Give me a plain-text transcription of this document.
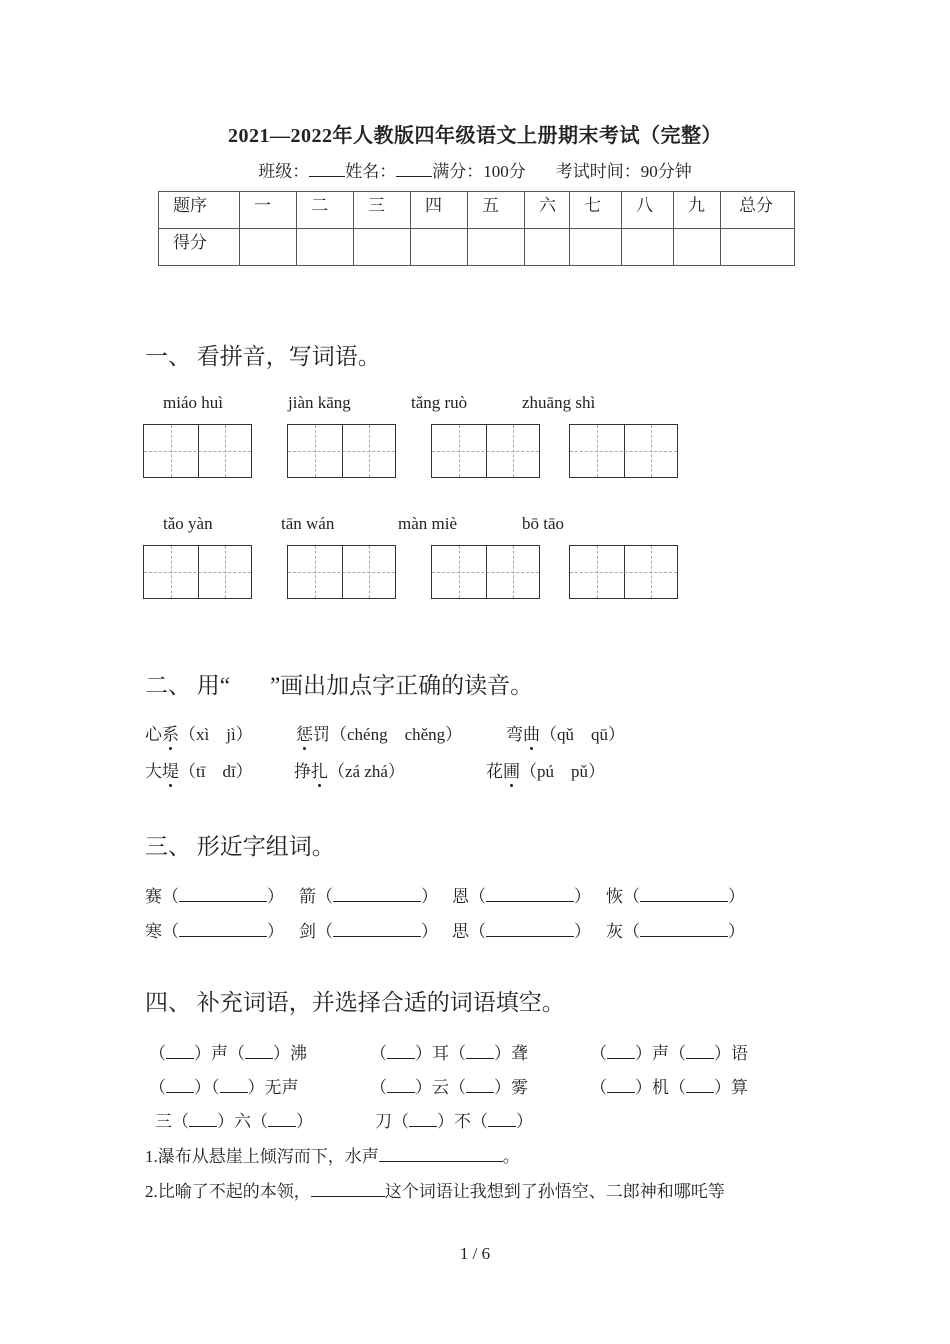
2021—2022年人教版四年级语文上册期末考试（完整）
班级： 姓名： 满分：100分 考试时间：90分钟
题序	一	二	三	四	五	六	七	八	九	总分

得分										

一、 看拼音，写词语。
miáo huì	jiàn kāng	tǎng ruò	zhuāng shì
tǎo yàn	tān wán	màn miè	bō tāo
二、 用“ ”画出加点字正确的读音。
心系（xì　jì）	惩罚（chéng　chěng）	弯曲（qǔ　qū）
大堤（tī　dī） 挣扎（zá zhá）	花圃（pú　pǔ）
三、 形近字组词。
赛（	） 箭（	） 恩（	） 恢（	）
寒（	） 剑（	） 思（	） 灰（	）
四、 补充词语，并选择合适的词语填空。
（ ）声（ ）沸	（ ）耳（ ）聋	（ ）声（ ）语
（ ）（ ）无声	（ ）云（ ）雾	（ ）机（ ）算
三（ ）六（ ）	刀（ ）不（ ）
1.瀑布从悬崖上倾泻而下，水声	。
2.比喻了不起的本领，	这个词语让我想到了孙悟空、二郎神和哪吒等
1 / 6
